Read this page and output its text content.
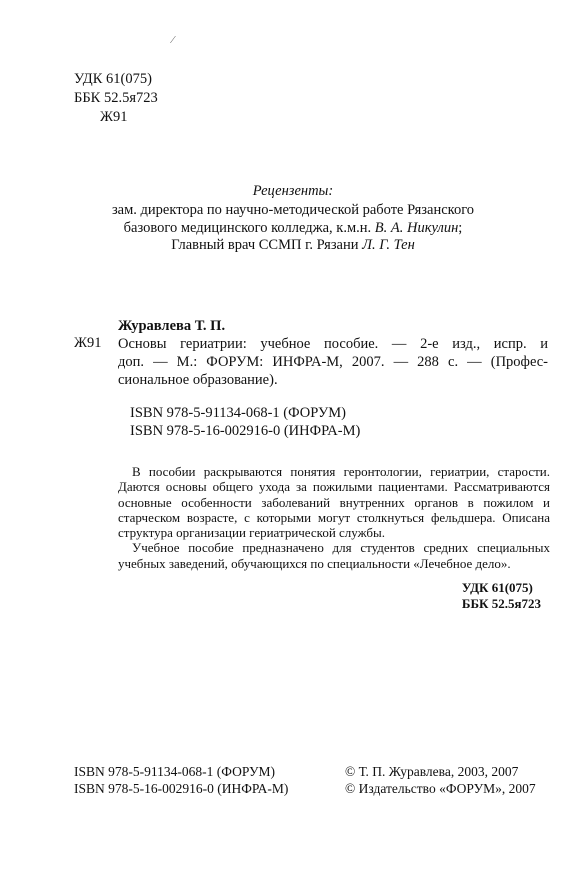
⁄
УДК 61(075)
ББК 52.5я723
Ж91
Рецензенты:
зам. директора по научно-методической работе Рязанского
базового медицинского колледжа, к.м.н. В. А. Никулин;
Главный врач ССМП г. Рязани Л. Г. Тен
Журавлева Т. П.
Ж91 Основы гериатрии: учебное пособие. — 2-е изд., испр. и
доп. — М.: ФОРУМ: ИНФРА-М, 2007. — 288 с. — (Профес-
сиональное образование).
ISBN 978-5-91134-068-1 (ФОРУМ)
ISBN 978-5-16-002916-0 (ИНФРА-М)
В пособии раскрываются понятия геронтологии, гериатрии, старости.
Даются основы общего ухода за пожилыми пациентами. Рассматриваются
основные особенности заболеваний внутренних органов в пожилом и
старческом возрасте, с которыми могут столкнуться фельдшера. Описана
структура организации гериатрической службы.
Учебное пособие предназначено для студентов средних специальных
учебных заведений, обучающихся по специальности «Лечебное дело».
УДК 61(075)
ББК 52.5я723
ISBN 978-5-91134-068-1 (ФОРУМ)
ISBN 978-5-16-002916-0 (ИНФРА-М)
© Т. П. Журавлева, 2003, 2007
© Издательство «ФОРУМ», 2007
